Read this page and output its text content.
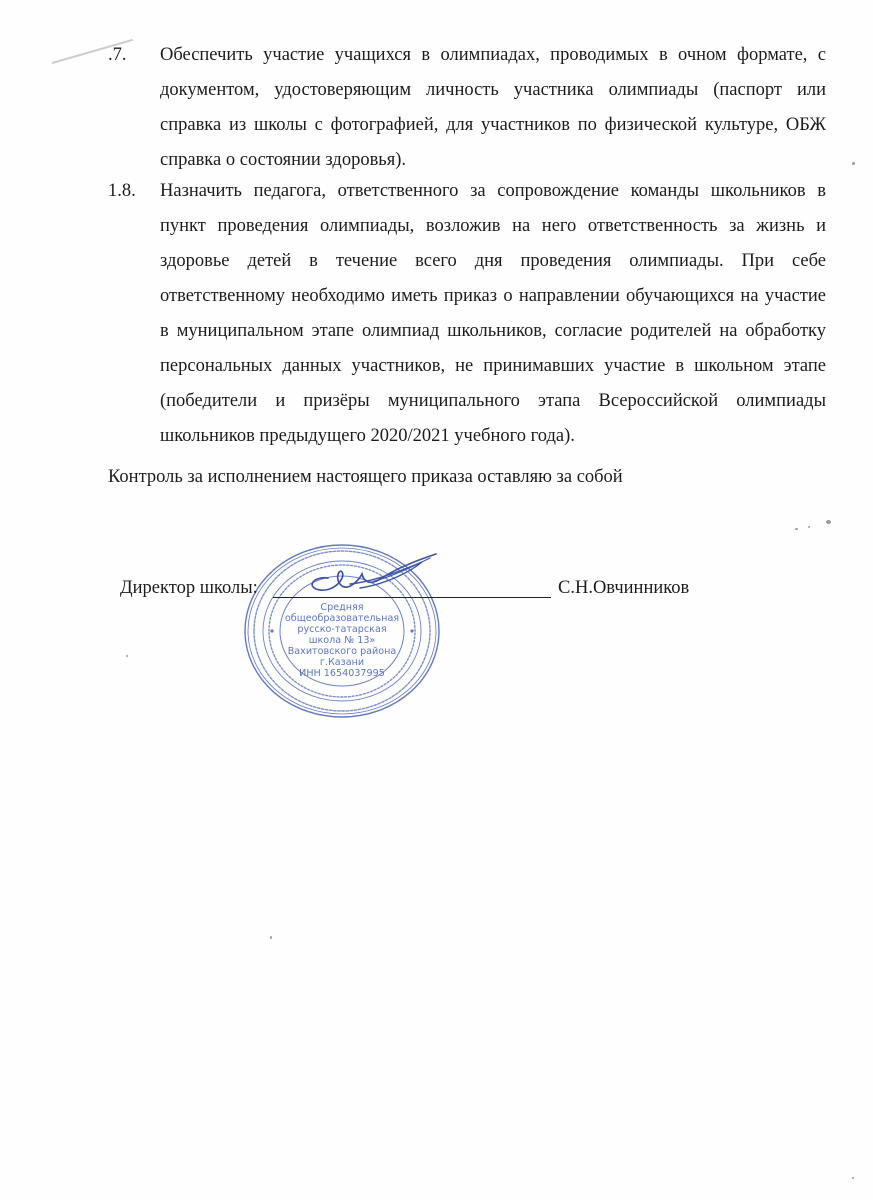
.7.	Обеспечить участие учащихся в олимпиадах, проводимых в очном формате, с документом, удостоверяющим личность участника олимпиады (паспорт или справка из школы с фотографией, для участников по физической культуре, ОБЖ справка о состоянии здоровья).
1.8.	Назначить педагога, ответственного за сопровождение команды школьников в пункт проведения олимпиады, возложив на него ответственность за жизнь и здоровье детей в течение всего дня проведения олимпиады. При себе ответственному необходимо иметь приказ о направлении обучающихся на участие в муниципальном этапе олимпиад школьников, согласие родителей на обработку персональных данных участников, не принимавших участие в школьном этапе (победители и призёры муниципального этапа Всероссийской олимпиады школьников предыдущего 2020/2021 учебного года).
Контроль за исполнением настоящего приказа оставляю за собой
Средняя
общеобразовательная
русско-татарская
школа № 13»
Вахитовского района
г.Казани
ИНН 1654037995
Директор школы:	С.Н.Овчинников
